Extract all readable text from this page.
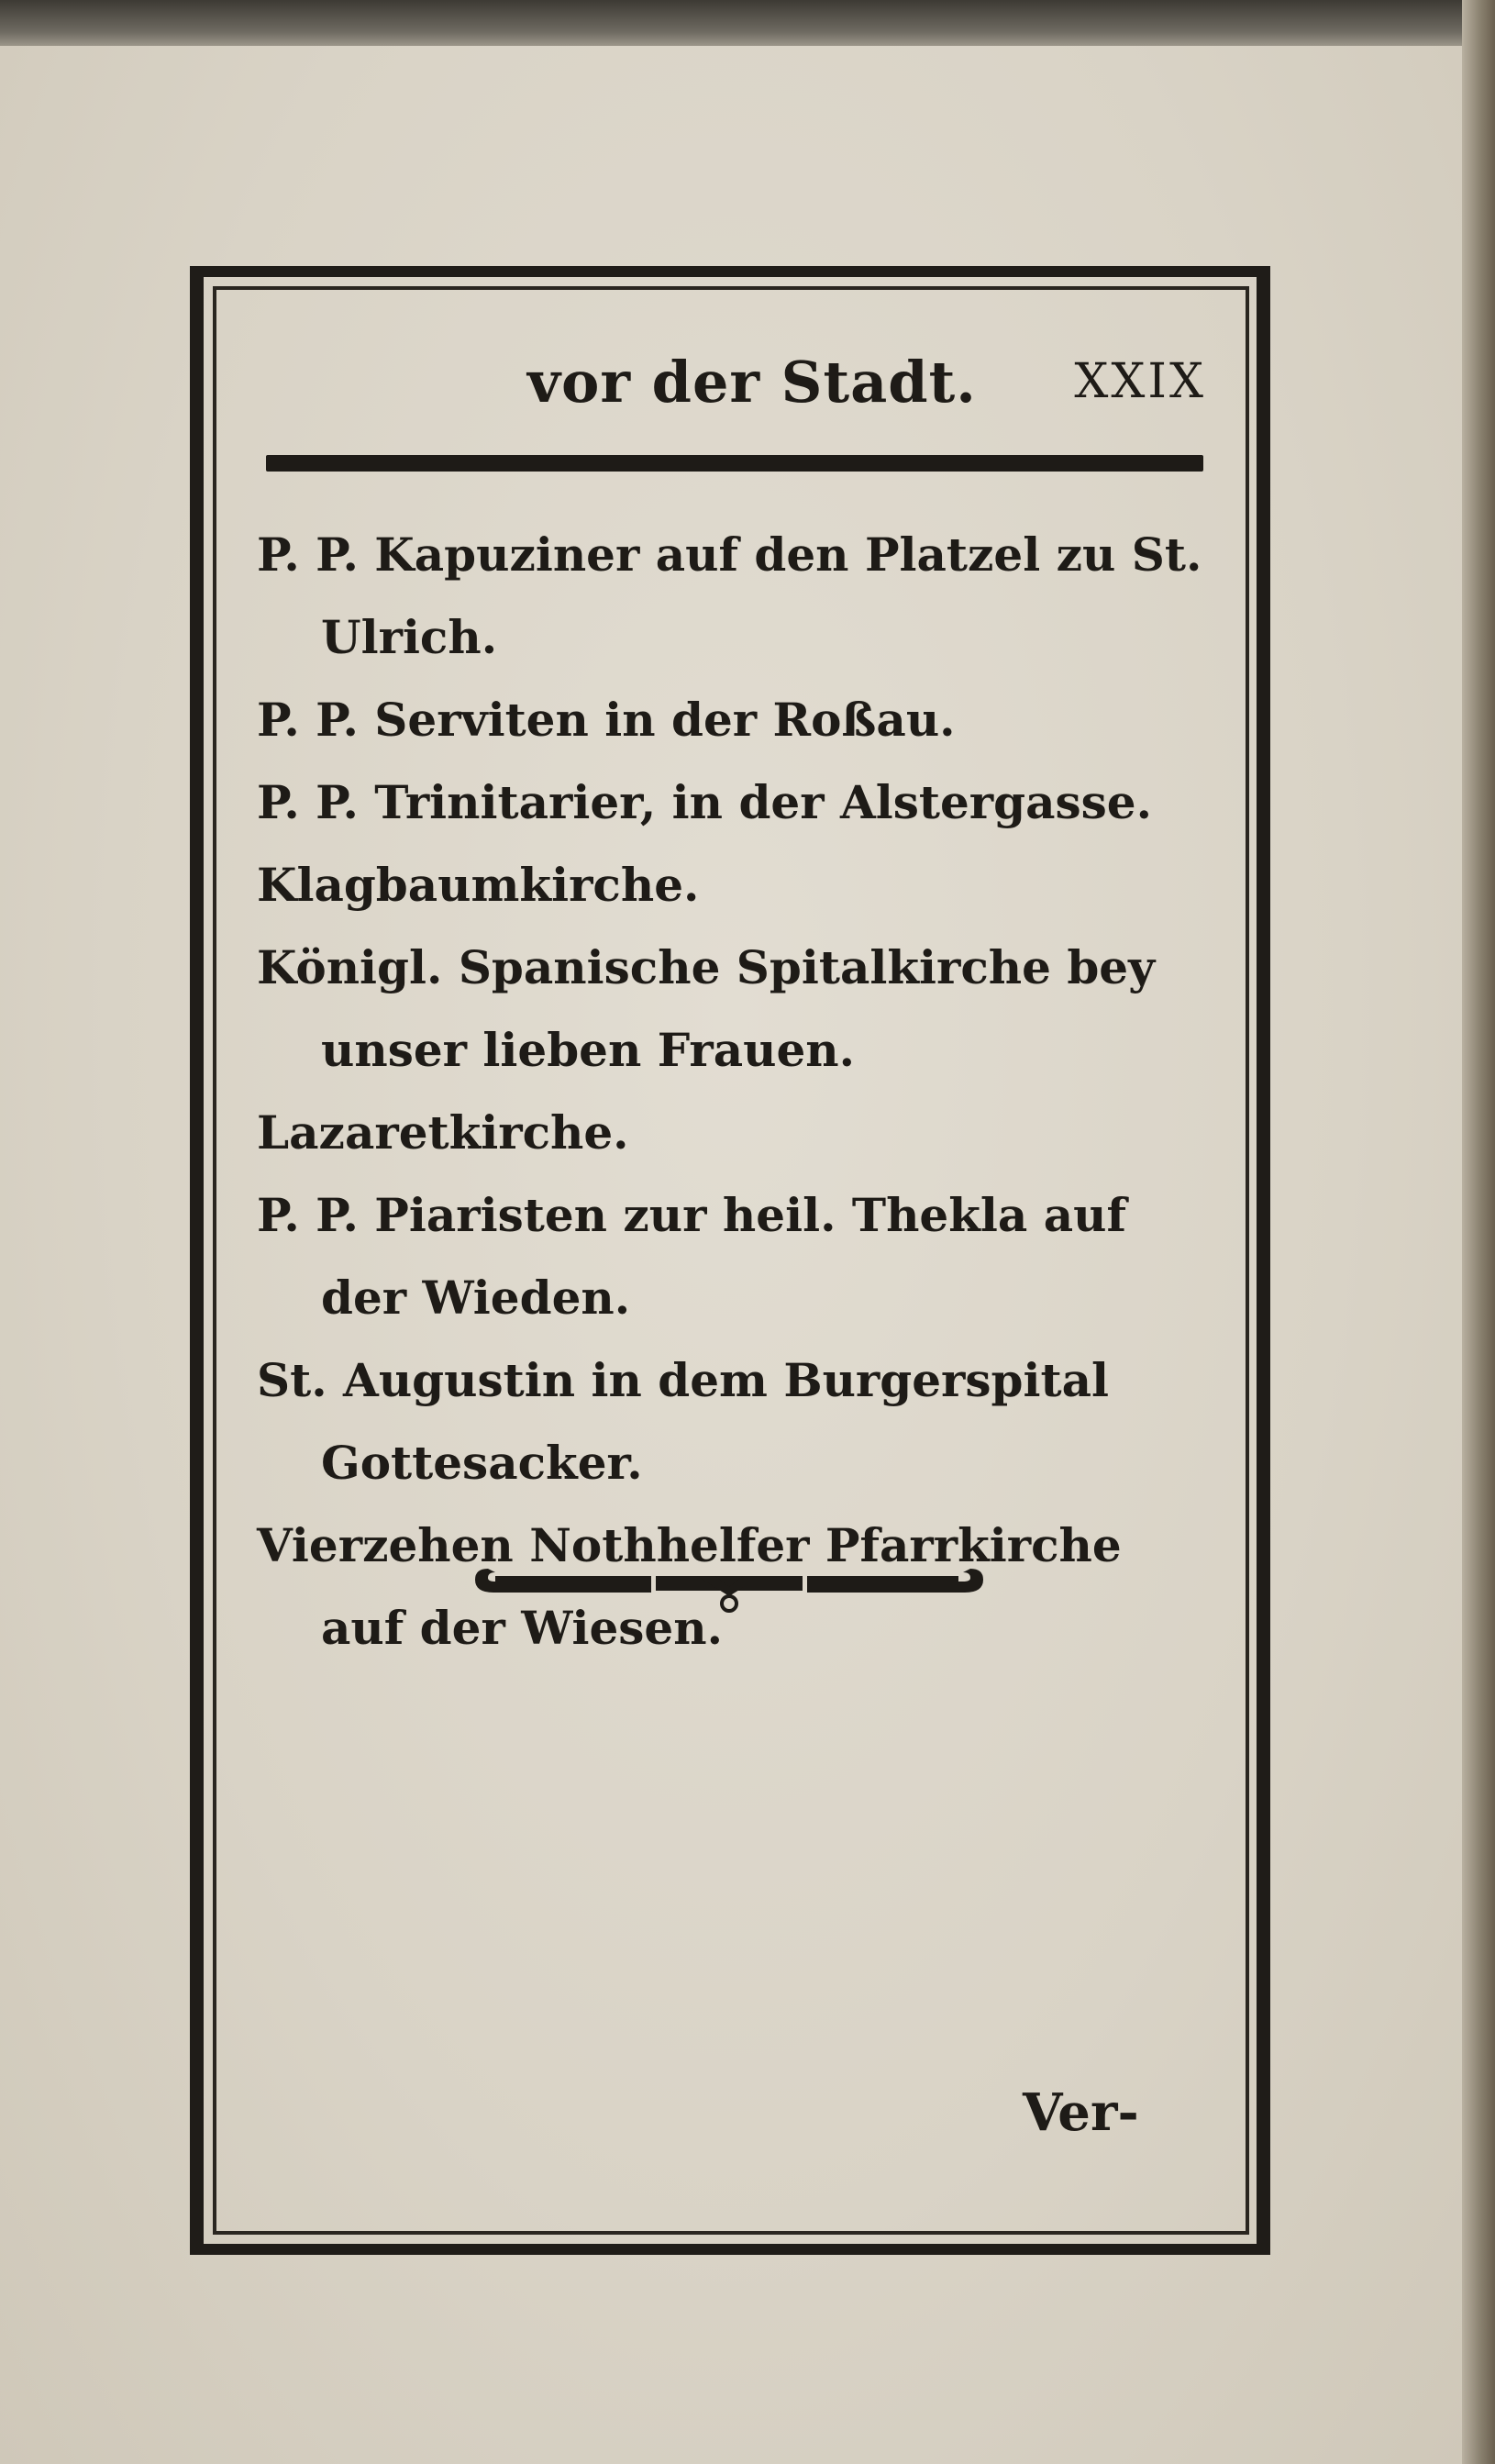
vor der Stadt. XXIX

P. P. Kapuziner auf den Platzel zu St. Ulrich.

P. P. Serviten in der Roßau.

P. P. Trinitarier, in der Alstergasse.

Klagbaumkirche.

Königl. Spanische Spitalkirche bey unser lieben Frauen.

Lazaretkirche.

P. P. Piaristen zur heil. Thekla auf der Wieden.

St. Augustin in dem Burgerspital Gottesacker.

Vierzehen Nothhelfer Pfarrkirche auf der Wiesen.

Ver-
